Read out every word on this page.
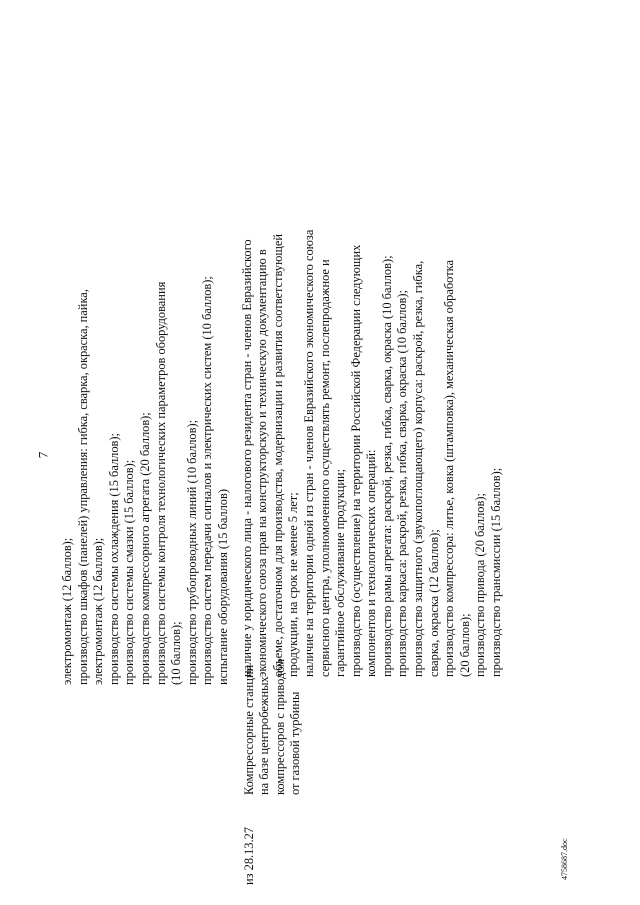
7
4758687.doc
электромонтаж (12 баллов); производство шкафов (панелей) управления: гибка, сварка, окраска, пайка, электромонтаж (12 баллов); производство системы охлаждения (15 баллов); производство системы смазки (15 баллов); производство компрессорного агрегата (20 баллов); производство системы контроля технологических параметров оборудования (10 баллов); производство трубопроводных линий (10 баллов); производство систем передачи сигналов и электрических систем (10 баллов); испытание оборудования (15 баллов)
из 28.13.27
Компрессорные станции на базе центробежных компрессоров с приводом от газовой турбины
наличие у юридического лица - налогового резидента стран - членов Евразийского экономического союза прав на конструкторскую и техническую документацию в объеме, достаточном для производства, модернизации и развития соответствующей продукции, на срок не менее 5 лет; наличие на территории одной из стран - членов Евразийского экономического союза сервисного центра, уполномоченного осуществлять ремонт, послепродажное и гарантийное обслуживание продукции; производство (осуществление) на территории Российской Федерации следующих компонентов и технологических операций: производство рамы агрегата: раскрой, резка, гибка, сварка, окраска (10 баллов); производство каркаса: раскрой, резка, гибка, сварка, окраска (10 баллов); производство защитного (звукопоглощающего) корпуса: раскрой, резка, гибка, сварка, окраска (12 баллов); производство компрессора: литье, ковка (штамповка), механическая обработка (20 баллов); производство привода (20 баллов); производство трансмиссии (15 баллов);
